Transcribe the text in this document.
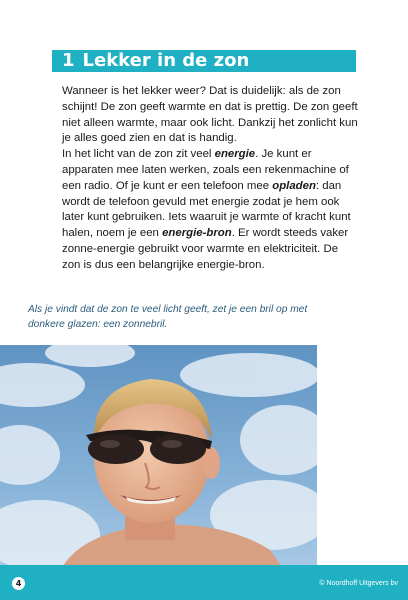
1 Lekker in de zon
Wanneer is het lekker weer? Dat is duidelijk: als de zon schijnt! De zon geeft warmte en dat is prettig. De zon geeft niet alleen warmte, maar ook licht. Dankzij het zonlicht kun je alles goed zien en dat is handig.
In het licht van de zon zit veel energie. Je kunt er apparaten mee laten werken, zoals een rekenmachine of een radio. Of je kunt er een telefoon mee opladen: dan wordt de telefoon gevuld met energie zodat je hem ook later kunt gebruiken. Iets waaruit je warmte of kracht kunt halen, noem je een energie-bron. Er wordt steeds vaker zonne-energie gebruikt voor warmte en elektriciteit. De zon is dus een belangrijke energie-bron.

Als je vindt dat de zon te veel licht geeft, zet je een bril op met donkere glazen: een zonnebril.

4	© Noordhoff Uitgevers bv
